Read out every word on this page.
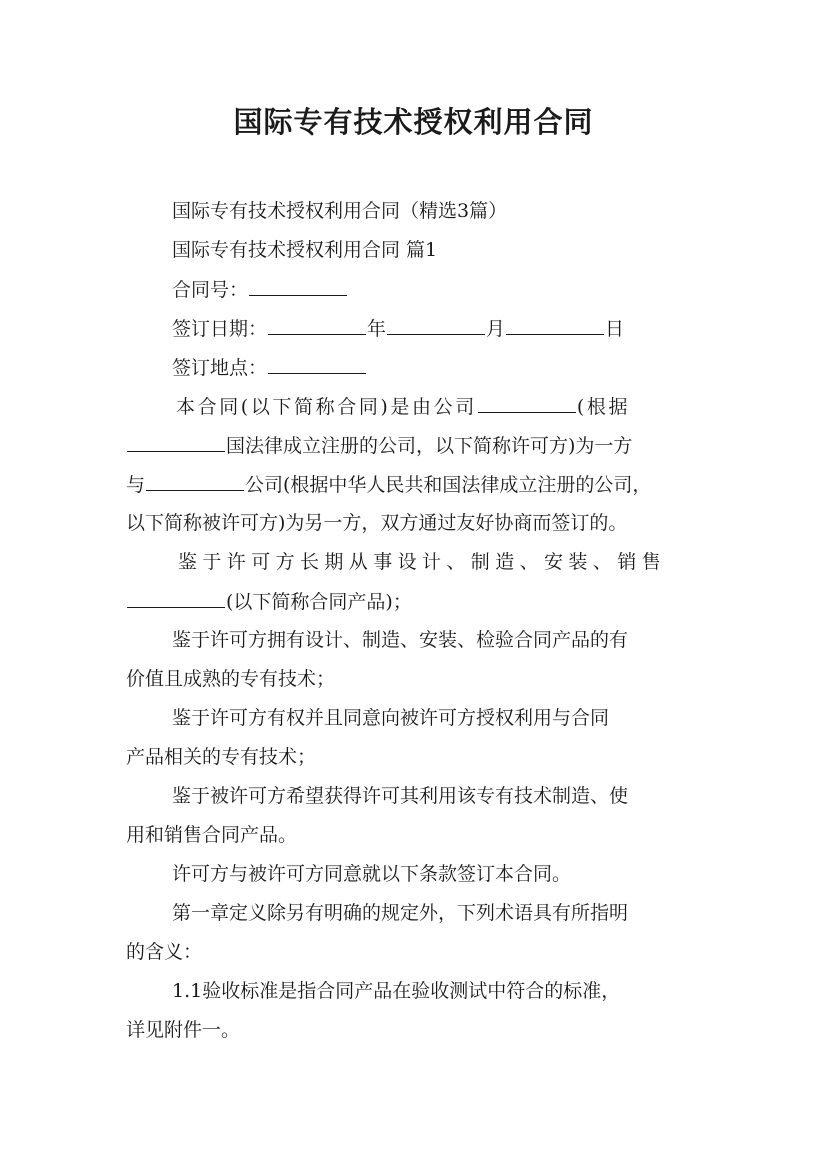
国际专有技术授权利用合同
国际专有技术授权利用合同（精选3篇）
国际专有技术授权利用合同 篇1
合同号：
签订日期：	年	月	日
签订地点：
本合同(以下简称合同)是由公司	(根据
国法律成立注册的公司，以下简称许可方)为一方
与	公司(根据中华人民共和国法律成立注册的公司，
以下简称被许可方)为另一方，双方通过友好协商而签订的。
鉴于许可方长期从事设计、制造、安装、销售
(以下简称合同产品)；
鉴于许可方拥有设计、制造、安装、检验合同产品的有
价值且成熟的专有技术；
鉴于许可方有权并且同意向被许可方授权利用与合同
产品相关的专有技术；
鉴于被许可方希望获得许可其利用该专有技术制造、使
用和销售合同产品。
许可方与被许可方同意就以下条款签订本合同。
第一章定义除另有明确的规定外，下列术语具有所指明
的含义：
1.1验收标准是指合同产品在验收测试中符合的标准，
详见附件一。
